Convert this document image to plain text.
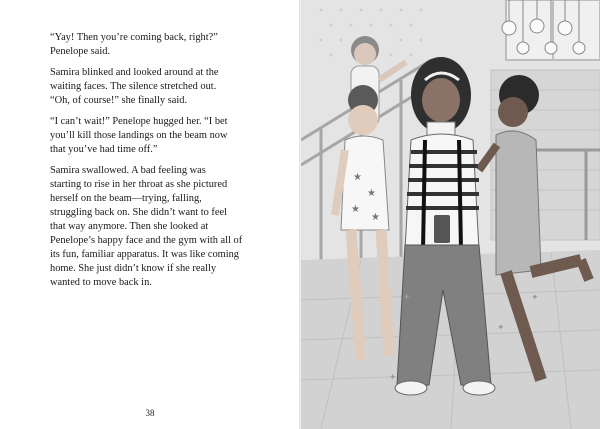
“Yay! Then you’re coming back, right?”
Penelope said.

Samira blinked and looked around at the
waiting faces. The silence stretched out.
“Oh, of course!” she finally said.

“I can’t wait!” Penelope hugged her. “I bet
you’ll kill those landings on the beam now
that you’ve had time off.”

Samira swallowed. A bad feeling was
starting to rise in her throat as she pictured
herself on the beam—trying, falling,
struggling back on. She didn’t want to feel
that way anymore. Then she looked at
Penelope’s happy face and the gym with all of
its fun, familiar apparatus. It was like coming
home. She just didn’t know if she really
wanted to move back in.

38
★
★
★
★
✦
✦	✦
✦
